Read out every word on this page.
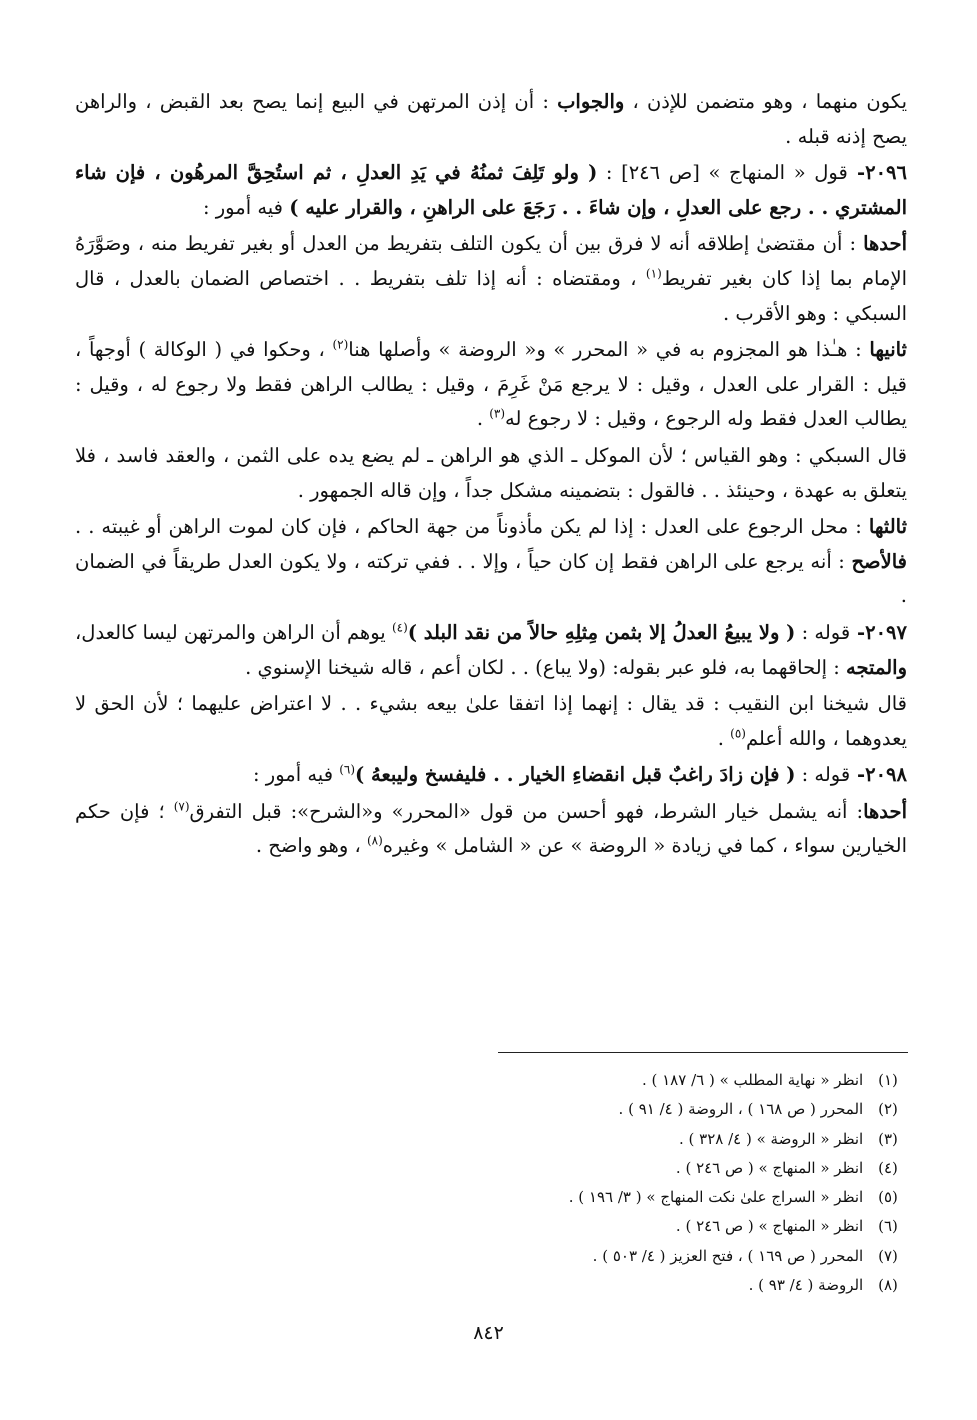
يكون منهما ، وهو متضمن للإذن ، والجواب : أن إذن المرتهن في البيع إنما يصح بعد القبض ، والراهن يصح إذنه قبله .

٢٠٩٦- قول « المنهاج » [ص ٢٤٦] : ( ولو تَلِفَ ثمنُهُ في يَدِ العدلِ ، ثم استُحِقَّ المرهُون ، فإن شاء المشتري . . رجع على العدلِ ، وإن شاءَ . . رَجَعَ على الراهنِ ، والقرار عليه ) فيه أمور :

أحدها : أن مقتضىٰ إطلاقه أنه لا فرق بين أن يكون التلف بتفريط من العدل أو بغير تفريط منه ، وصَوَّرَهُ الإمام بما إذا كان بغير تفريط$^{(١)}$ ، ومقتضاه : أنه إذا تلف بتفريط . . اختصاص الضمان بالعدل ، قال السبكي : وهو الأقرب .

ثانيها : هـٰذا هو المجزوم به في « المحرر » و« الروضة » وأصلها هنا$^{(٢)}$ ، وحكوا في ( الوكالة ) أوجهاً ، قيل : القرار على العدل ، وقيل : لا يرجع مَنْ غَرِمَ ، وقيل : يطالب الراهن فقط ولا رجوع له ، وقيل : يطالب العدل فقط وله الرجوع ، وقيل : لا رجوع له$^{(٣)}$ .

قال السبكي : وهو القياس ؛ لأن الموكل ـ الذي هو الراهن ـ لم يضع يده على الثمن ، والعقد فاسد ، فلا يتعلق به عهدة ، وحينئذ . . فالقول : بتضمينه مشكل جداً ، وإن قاله الجمهور .

ثالثها : محل الرجوع على العدل : إذا لم يكن مأذوناً من جهة الحاكم ، فإن كان لموت الراهن أو غيبته . . فالأصح : أنه يرجع على الراهن فقط إن كان حياً ، وإلا . . ففي تركته ، ولا يكون العدل طريقاً في الضمان .

٢٠٩٧- قوله : ( ولا يبيعُ العدلُ إلا بثمن مِثلِهِ حالاً من نقد البلد )$^{(٤)}$ يوهم أن الراهن والمرتهن ليسا كالعدل، والمتجه : إلحاقهما به، فلو عبر بقوله: (ولا يباع) . . لكان أعم ، قاله شيخنا الإسنوي .

قال شيخنا ابن النقيب : قد يقال : إنهما إذا اتفقا علىٰ بيعه بشيء . . لا اعتراض عليهما ؛ لأن الحق لا يعدوهما ، والله أعلم$^{(٥)}$ .

٢٠٩٨- قوله : ( فإن زادَ راغبٌ قبل انقضاءِ الخيار . . فليفسخ وليبعهُ )$^{(٦)}$ فيه أمور :

أحدها: أنه يشمل خيار الشرط، فهو أحسن من قول «المحرر» و«الشرح»: قبل التفرق$^{(٧)}$ ؛ فإن حكم الخيارين سواء ، كما في زيادة « الروضة » عن « الشامل » وغيره$^{(٨)}$ ، وهو واضح .

(١) انظر « نهاية المطلب » ( ٦/ ١٨٧ ) .
(٢) المحرر ( ص ١٦٨ ) ، الروضة ( ٤/ ٩١ ) .
(٣) انظر « الروضة » ( ٤/ ٣٢٨ ) .
(٤) انظر « المنهاج » ( ص ٢٤٦ ) .
(٥) انظر « السراج علىٰ نكت المنهاج » ( ٣/ ١٩٦ ) .
(٦) انظر « المنهاج » ( ص ٢٤٦ ) .
(٧) المحرر ( ص ١٦٩ ) ، فتح العزيز ( ٤/ ٥٠٣ ) .
(٨) الروضة ( ٤/ ٩٣ ) .
٨٤٢
